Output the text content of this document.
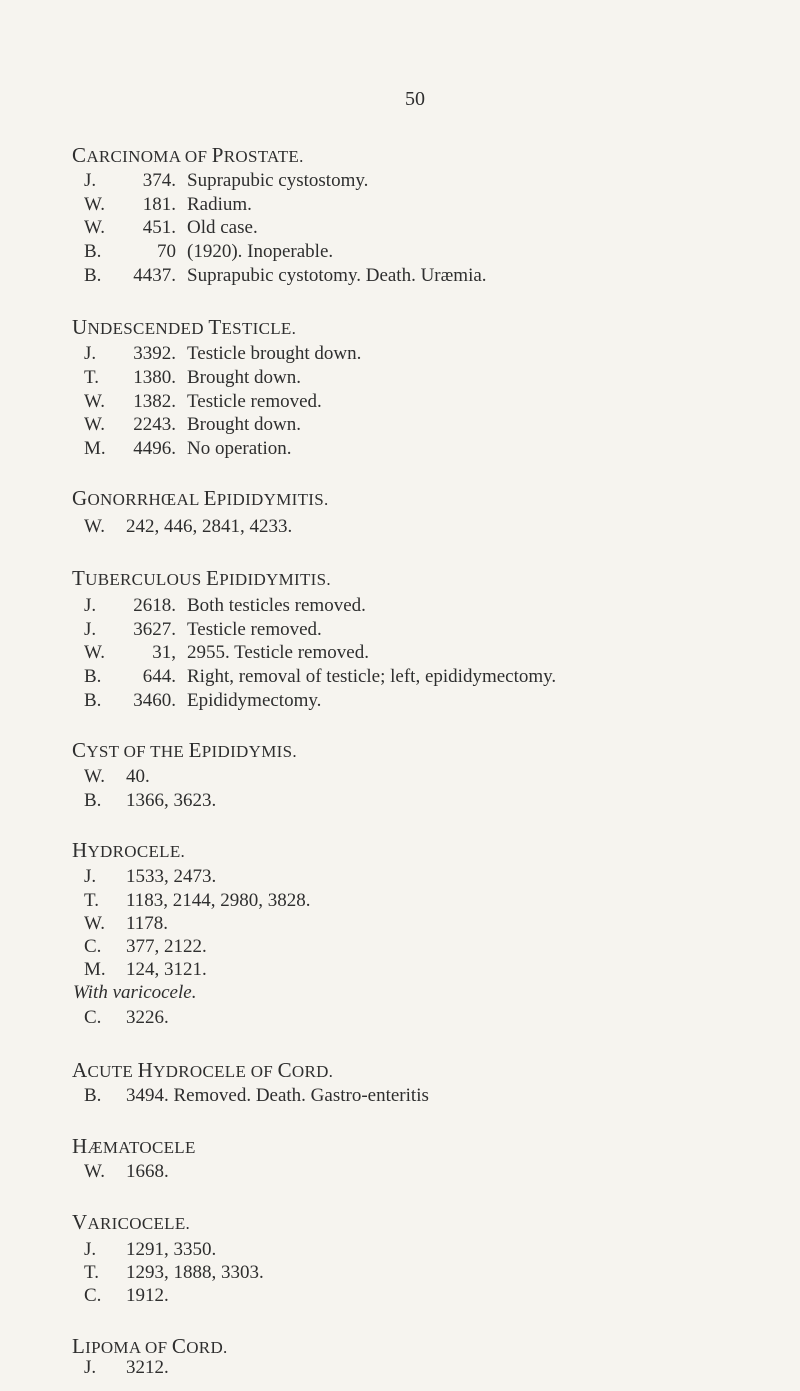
50
CARCINOMA OF PROSTATE.
J. 374. Suprapubic cystostomy.
W. 181. Radium.
W. 451. Old case.
B.	70 (1920). Inoperable.
B. 4437. Suprapubic cystotomy. Death. Uræmia.
UNDESCENDED TESTICLE.
J. 3392. Testicle brought down.
T. 1380. Brought down.
W. 1382. Testicle removed.
W. 2243. Brought down.
M. 4496. No operation.
GONORRHŒAL EPIDIDYMITIS.
W. 242, 446, 2841, 4233.
TUBERCULOUS EPIDIDYMITIS.
J. 2618. Both testicles removed.
J. 3627. Testicle removed.
W. 31, 2955. Testicle removed.
B. 644. Right, removal of testicle; left, epididymectomy.
B. 3460. Epididymectomy.
CYST OF THE EPIDIDYMIS.
W. 40.
B. 1366, 3623.
HYDROCELE.
J. 1533, 2473.
T. 1183, 2144, 2980, 3828.
W. 1178.
C. 377, 2122.
M. 124, 3121.
With varicocele.
C. 3226.
ACUTE HYDROCELE OF CORD.
B. 3494. Removed. Death. Gastro-enteritis
HÆMATOCELE
W. 1668.
VARICOCELE.
J. 1291, 3350.
T. 1293, 1888, 3303.
C. 1912.
LIPOMA OF CORD.
J. 3212.
